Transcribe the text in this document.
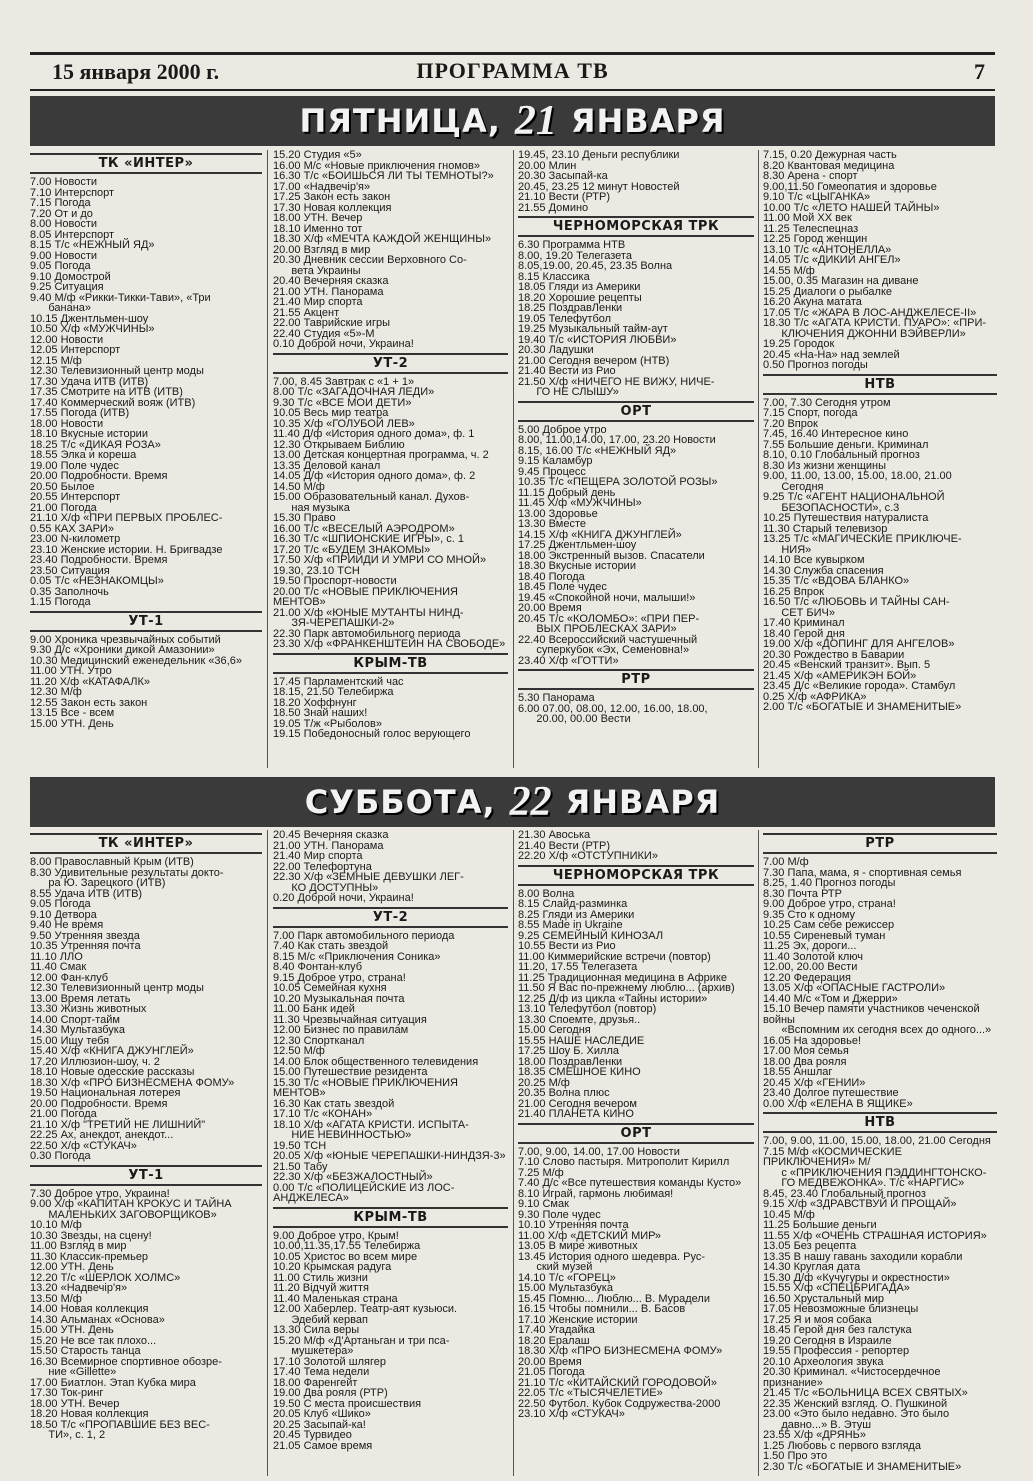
15 января 2000 г.	ПРОГРАММА ТВ	7
ПЯТНИЦА, 21 ЯНВАРЯ
ТК «ИНТЕР»
7.00 Новости
7.10 Интерспорт
7.15 Погода
7.20 От и до
8.00 Новости
8.05 Интерспорт
8.15 Т/с «НЕЖНЫЙ ЯД»
9.00 Новости
9.05 Погода
9.10 Домострой
9.25 Ситуация
9.40 М/ф «Рикки-Тикки-Тави», «Три
банана»
10.15 Джентльмен-шоу
10.50 Х/ф «МУЖЧИНЫ»
12.00 Новости
12.05 Интерспорт
12.15 М/ф
12.30 Телевизионный центр моды
17.30 Удача ИТВ (ИТВ)
17.35 Смотрите на ИТВ (ИТВ)
17.40 Коммерческий вояж (ИТВ)
17.55 Погода (ИТВ)
18.00 Новости
18.10 Вкусные истории
18.25 Т/с «ДИКАЯ РОЗА»
18.55 Элка и кореша
19.00 Поле чудес
20.00 Подробности. Время
20.50 Былое
20.55 Интерспорт
21.00 Погода
21.10 Х/ф «ПРИ ПЕРВЫХ ПРОБЛЕС-
0.55 КАХ ЗАРИ»
23.00 N-километр
23.10 Женские истории. Н. Бригвадзе
23.40 Подробности. Время
23.50 Ситуация
0.05 Т/с «НЕЗНАКОМЦЫ»
0.35 Заполночь
1.15 Погода
УТ-1
9.00 Хроника чрезвычайных событий
9.30 Д/с «Хроники дикой Амазонии»
10.30 Медицинский еженедельник «36,6»
11.00 УТН. Утро
11.20 Х/ф «КАТАФАЛК»
12.30 М/ф
12.55 Закон есть закон
13.15 Все - всем
15.00 УТН. День
15.20 Студия «5»
16.00 М/с «Новые приключения гномов»
16.30 Т/с «БОИШЬСЯ ЛИ ТЫ ТЕМНОТЫ?»
17.00 «Надвечір'я»
17.25 Закон есть закон
17.30 Новая коллекция
18.00 УТН. Вечер
18.10 Именно тот
18.30 Х/ф «МЕЧТА КАЖДОЙ ЖЕНЩИНЫ»
20.00 Взгляд в мир
20.30 Дневник сессии Верховного Со-
вета Украины
20.40 Вечерняя сказка
21.00 УТН. Панорама
21.40 Мир спорта
21.55 Акцент
22.00 Таврийские игры
22.40 Студия «5»-М
0.10 Доброй ночи, Украина!
УТ-2
7.00, 8.45 Завтрак с «1 + 1»
8.00 Т/с «ЗАГАДОЧНАЯ ЛЕДИ»
9.30 Т/с «ВСЕ МОИ ДЕТИ»
10.05 Весь мир театра
10.35 Х/ф «ГОЛУБОЙ ЛЕВ»
11.40 Д/ф «История одного дома», ф. 1
12.30 Открываем Библию
13.00 Детская концертная программа, ч. 2
13.35 Деловой канал
14.05 Д/ф «История одного дома», ф. 2
14.50 М/ф
15.00 Образовательный канал. Духов-
ная музыка
15.30 Право
16.00 Т/с «ВЕСЕЛЫЙ АЭРОДРОМ»
16.30 Т/с «ШПИОНСКИЕ ИГРЫ», с. 1
17.20 Т/с «БУДЕМ ЗНАКОМЫ»
17.50 Х/ф «ПРИЙДИ И УМРИ СО МНОЙ»
19.30, 23.10 ТСН
19.50 Проспорт-новости
20.00 Т/с «НОВЫЕ ПРИКЛЮЧЕНИЯ МЕНТОВ»
21.00 Х/ф «ЮНЫЕ МУТАНТЫ НИНД-
ЗЯ-ЧЕРЕПАШКИ-2»
22.30 Парк автомобильного периода
23.30 Х/ф «ФРАНКЕНШТЕЙН НА СВОБОДЕ»
КРЫМ-ТВ
17.45 Парламентский час
18.15, 21.50 Телебиржа
18.20 Хоффнунг
18.50 Знай наших!
19.05 Т/ж «Рыболов»
19.15 Победоносный голос верующего
19.45, 23.10 Деньги республики
20.00 Млин
20.30 Засыпай-ка
20.45, 23.25 12 минут Новостей
21.10 Вести (РТР)
21.55 Домино
ЧЕРНОМОРСКАЯ ТРК
6.30 Программа НТВ
8.00, 19.20 Телегазета
8.05,19.00, 20.45, 23.35 Волна
8.15 Классика
18.05 Гляди из Америки
18.20 Хорошие рецепты
18.25 ПоздравЛенки
19.05 Телефутбол
19.25 Музыкальный тайм-аут
19.40 Т/с «ИСТОРИЯ ЛЮБВИ»
20.30 Ладушки
21.00 Сегодня вечером (НТВ)
21.40 Вести из Рио
21.50 Х/ф «НИЧЕГО НЕ ВИЖУ, НИЧЕ-
ГО НЕ СЛЫШУ»
ОРТ
5.00 Доброе утро
8.00, 11.00,14.00, 17.00, 23.20 Новости
8.15, 16.00 Т/с «НЕЖНЫЙ ЯД»
9.15 Каламбур
9.45 Процесс
10.35 Т/с «ПЕЩЕРА ЗОЛОТОЙ РОЗЫ»
11.15 Добрый день
11.45 Х/ф «МУЖЧИНЫ»
13.00 Здоровье
13.30 Вместе
14.15 Х/ф «КНИГА ДЖУНГЛЕЙ»
17.25 Джентльмен-шоу
18.00 Экстренный вызов. Спасатели
18.30 Вкусные истории
18.40 Погода
18.45 Поле чудес
19.45 «Спокойной ночи, малыши!»
20.00 Время
20.45 Т/с «КОЛОМБО»: «ПРИ ПЕР-
ВЫХ ПРОБЛЕСКАХ ЗАРИ»
22.40 Всероссийский частушечный
суперкубок «Эх, Семеновна!»
23.40 Х/ф «ГОТТИ»
РТР
5.30 Панорама
6.00 07.00, 08.00, 12.00, 16.00, 18.00,
20.00, 00.00 Вести
7.15, 0.20 Дежурная часть
8.20 Квантовая медицина
8.30 Арена - спорт
9.00,11.50 Гомеопатия и здоровье
9.10 Т/с «ЦЫГАНКА»
10.00 Т/с «ЛЕТО НАШЕЙ ТАЙНЫ»
11.00 Мой XX век
11.25 Телеспецназ
12.25 Город женщин
13.10 Т/с «АНТОНЕЛЛА»
14.05 Т/с «ДИКИЙ АНГЕЛ»
14.55 М/ф
15.00, 0.35 Магазин на диване
15.25 Диалоги о рыбалке
16.20 Акуна матата
17.05 Т/с «ЖАРА В ЛОС-АНДЖЕЛЕСЕ-II»
18.30 Т/с «АГАТА КРИСТИ. ПУАРО»: «ПРИ-
КЛЮЧЕНИЯ ДЖОННИ ВЭЙВЕРЛИ»
19.25 Городок
20.45 «На-На» над землей
0.50 Прогноз погоды
НТВ
7.00, 7.30 Сегодня утром
7.15 Спорт, погода
7.20 Впрок
7.45, 16.40 Интересное кино
7.55 Большие деньги. Криминал
8.10, 0.10 Глобальный прогноз
8.30 Из жизни женщины
9.00, 11.00, 13.00, 15.00, 18.00, 21.00
Сегодня
9.25 Т/с «АГЕНТ НАЦИОНАЛЬНОЙ
БЕЗОПАСНОСТИ», с.3
10.25 Путешествия натуралиста
11.30 Старый телевизор
13.25 Т/с «МАГИЧЕСКИЕ ПРИКЛЮЧЕ-
НИЯ»
14.10 Все кувырком
14.30 Служба спасения
15.35 Т/с «ВДОВА БЛАНКО»
16.25 Впрок
16.50 Т/с «ЛЮБОВЬ И ТАЙНЫ САН-
СЕТ БИЧ»
17.40 Криминал
18.40 Герой дня
19.00 Х/ф «ДОПИНГ ДЛЯ АНГЕЛОВ»
20.30 Рождество в Баварии
20.45 «Венский транзит». Вып. 5
21.45 Х/ф «АМЕРИКЭН БОЙ»
23.45 Д/с «Великие города». Стамбул
0.25 Х/ф «АФРИКА»
2.00 Т/с «БОГАТЫЕ И ЗНАМЕНИТЫЕ»
СУББОТА, 22 ЯНВАРЯ
ТК «ИНТЕР»
8.00 Православный Крым (ИТВ)
8.30 Удивительные результаты докто-
ра Ю. Зарецкого (ИТВ)
8.55 Удача ИТВ (ИТВ)
9.05 Погода
9.10 Детвора
9.40 Не время
9.50 Утренняя звезда
10.35 Утренняя почта
11.10 ЛЛО
11.40 Смак
12.00 Фан-клуб
12.30 Телевизионный центр моды
13.00 Время летать
13.30 Жизнь животных
14.00 Спорт-тайм
14.30 Мультазбука
15.00 Ищу тебя
15.40 Х/ф «КНИГА ДЖУНГЛЕЙ»
17.20 Иллюзион-шоу, ч. 2
18.10 Новые одесские рассказы
18.30 Х/ф «ПРО БИЗНЕСМЕНА ФОМУ»
19.50 Национальная лотерея
20.00 Подробности. Время
21.00 Погода
21.10 Х/ф "ТРЕТИЙ НЕ ЛИШНИЙ"
22.25 Ах, анекдот, анекдот...
22.50 Х/ф «СТУКАЧ»
0.30 Погода
УТ-1
7.30 Доброе утро, Украина!
9.00 Х/ф «КАПИТАН КРОКУС И ТАЙНА
МАЛЕНЬКИХ ЗАГОВОРЩИКОВ»
10.10 М/ф
10.30 Звезды, на сцену!
11.00 Взгляд в мир
11.30 Классик-премьер
12.00 УТН. День
12.20 Т/с «ШЕРЛОК ХОЛМС»
13.20 «Надвечір'я»
13.50 М/ф
14.00 Новая коллекция
14.30 Альманах «Основа»
15.00 УТН. День
15.20 Не все так плохо...
15.50 Старость танца
16.30 Всемирное спортивное обозре-
ние «Gillette»
17.00 Биатлон. Этап Кубка мира
17.30 Ток-ринг
18.00 УТН. Вечер
18.20 Новая коллекция
18.50 Т/с «ПРОПАВШИЕ БЕЗ ВЕС-
ТИ», с. 1, 2
20.45 Вечерняя сказка
21.00 УТН. Панорама
21.40 Мир спорта
22.00 Телефортуна
22.30 Х/ф «ЗЕМНЫЕ ДЕВУШКИ ЛЕГ-
КО ДОСТУПНЫ»
0.20 Доброй ночи, Украина!
УТ-2
7.00 Парк автомобильного периода
7.40 Как стать звездой
8.15 М/с «Приключения Соника»
8.40 Фонтан-клуб
9.15 Доброе утро, страна!
10.05 Семейная кухня
10.20 Музыкальная почта
11.00 Банк идей
11.30 Чрезвычайная ситуация
12.00 Бизнес по правилам
12.30 Спортканал
12.50 М/ф
14.00 Блок общественного телевидения
15.00 Путешествие резидента
15.30 Т/с «НОВЫЕ ПРИКЛЮЧЕНИЯ МЕНТОВ»
16.30 Как стать звездой
17.10 Т/с «КОНАН»
18.10 Х/ф «АГАТА КРИСТИ. ИСПЫТА-
НИЕ НЕВИННОСТЬЮ»
19.50 ТСН
20.05 Х/ф «ЮНЫЕ ЧЕРЕПАШКИ-НИНДЗЯ-3»
21.50 Табу
22.30 Х/ф «БЕЗЖАЛОСТНЫЙ»
0.00 Т/с «ПОЛИЦЕЙСКИЕ ИЗ ЛОС-АНДЖЕЛЕСА»
КРЫМ-ТВ
9.00 Доброе утро, Крым!
10.00,11.35,17.55 Телебиржа
10.05 Христос во всем мире
10.20 Крымская радуга
11.00 Стиль жизни
11.20 Відчуй життя
11.40 Маленькая страна
12.00 Хаберлер. Театр-аят кузьюси.
Эдебий кервап
13.30 Сила веры
15.20 М/ф «Д'Артаньган и три пса-
мушкетера»
17.10 Золотой шлягер
17.40 Тема недели
18.00 Фаренгейт
19.00 Два рояля (РТР)
19.50 С места происшествия
20.05 Клуб «Шико»
20.25 Засыпай-ка!
20.45 Турвидео
21.05 Самое время
21.30 Авоська
21.40 Вести (РТР)
22.20 Х/ф «ОТСТУПНИКИ»
ЧЕРНОМОРСКАЯ ТРК
8.00 Волна
8.15 Слайд-разминка
8.25 Гляди из Америки
8.55 Made in Ukraine
9.25 СЕМЕЙНЫЙ КИНОЗАЛ
10.55 Вести из Рио
11.00 Киммерийские встречи (повтор)
11.20, 17.55 Телегазета
11.25 Традиционная медицина в Африке
11.50 Я Вас по-прежнему люблю... (архив)
12.25 Д/ф из цикла «Тайны истории»
13.10 Телефутбол (повтор)
13.30 Споемте, друзья..
15.00 Сегодня
15.55 НАШЕ НАСЛЕДИЕ
17.25 Шоу Б. Хилла
18.00 ПоздравЛенки
18.35 СМЕШНОЕ КИНО
20.25 М/ф
20.35 Волна плюс
21.00 Сегодня вечером
21.40 ПЛАНЕТА КИНО
ОРТ
7.00, 9.00, 14.00, 17.00 Новости
7.10 Слово пастыря. Митрополит Кирилл
7.25 М/ф
7.40 Д/с «Все путешествия команды Кусто»
8.10 Играй, гармонь любимая!
9.10 Смак
9.30 Поле чудес
10.10 Утренняя почта
11.00 Х/ф «ДЕТСКИЙ МИР»
13.05 В мире животных
13.45 История одного шедевра. Рус-
ский музей
14.10 Т/с «ГОРЕЦ»
15.00 Мультазбука
15.45 Помню... Люблю... В. Мурадели
16.15 Чтобы помнили... В. Басов
17.10 Женские истории
17.40 Угадайка
18.20 Ералаш
18.30 Х/ф «ПРО БИЗНЕСМЕНА ФОМУ»
20.00 Время
21.05 Погода
21.10 Т/с «КИТАЙСКИЙ ГОРОДОВОЙ»
22.05 Т/с «ТЫСЯЧЕЛЕТИЕ»
22.50 Футбол. Кубок Содружества-2000
23.10 Х/ф «СТУКАЧ»
РТР
7.00 М/ф
7.30 Папа, мама, я - спортивная семья
8.25, 1.40 Прогноз погоды
8.30 Почта РТР
9.00 Доброе утро, страна!
9.35 Сто к одному
10.25 Сам себе режиссер
10.55 Сиреневый туман
11.25 Эх, дороги...
11.40 Золотой ключ
12.00, 20.00 Вести
12.20 Федерация
13.05 Х/ф «ОПАСНЫЕ ГАСТРОЛИ»
14.40 М/с «Том и Джерри»
15.10 Вечер памяти участников чеченской войны
«Вспомним их сегодня всех до одного...»
16.05 На здоровье!
17.00 Моя семья
18.00 Два рояля
18.55 Аншлаг
20.45 Х/ф «ГЕНИИ»
23.40 Долгое путешествие
0.00 Х/ф «ЕЛЕНА В ЯЩИКЕ»
НТВ
7.00, 9.00, 11.00, 15.00, 18.00, 21.00 Сегодня
7.15 М/ф «КОСМИЧЕСКИЕ ПРИКЛЮЧЕНИЯ» М/
с «ПРИКЛЮЧЕНИЯ ПЭДДИНГТОНСКО-
ГО МЕДВЕЖОНКА». Т/с «НАРГИС»
8.45, 23.40 Глобальный прогноз
9.15 Х/ф «ЗДРАВСТВУЙ И ПРОЩАЙ»
10.45 М/ф
11.25 Большие деньги
11.55 Х/ф «ОЧЕНЬ СТРАШНАЯ ИСТОРИЯ»
13.05 Без рецепта
13.35 В нашу гавань заходили корабли
14.30 Круглая дата
15.30 Д/ф «Кучугуры и окрестности»
15.55 Х/ф «СПЕЦБРИГАДА»
16.50 Хрустальный мир
17.05 Невозможные близнецы
17.25 Я и моя собака
18.45 Герой дня без галстука
19.20 Сегодня в Израиле
19.55 Профессия - репортер
20.10 Археология звука
20.30 Криминал. «Чистосердечное признание»
21.45 Т/с «БОЛЬНИЦА ВСЕХ СВЯТЫХ»
22.35 Женский взгляд. О. Пушкиной
23.00 «Это было недавно. Это было
давно...» В. Этуш
23.55 Х/ф «ДРЯНЬ»
1.25 Любовь с первого взгляда
1.50 Про это
2.30 Т/с «БОГАТЫЕ И ЗНАМЕНИТЫЕ»
